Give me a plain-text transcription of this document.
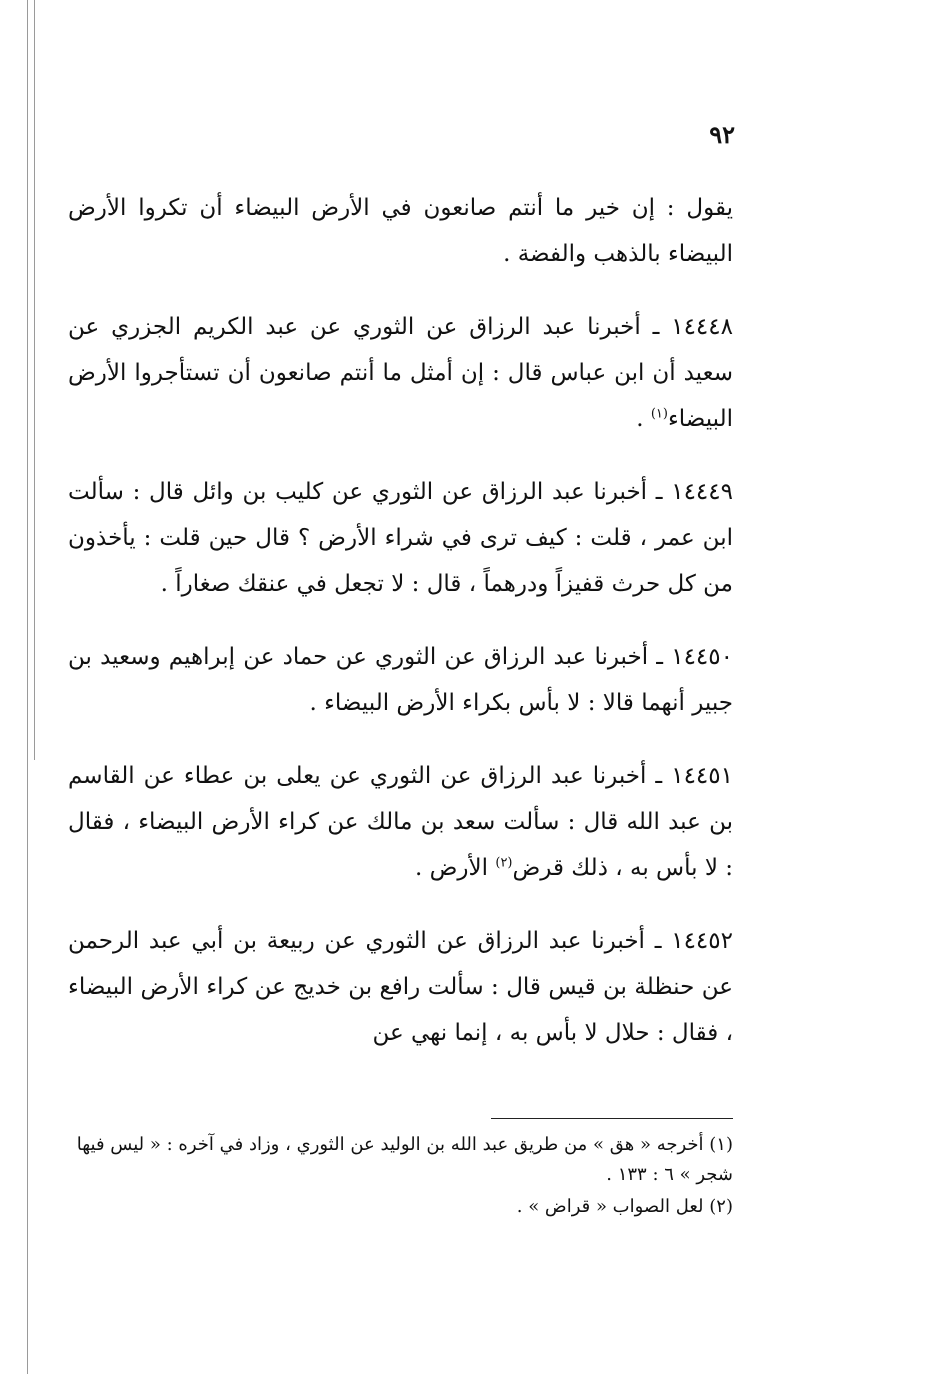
٩٢

يقول : إن خير ما أنتم صانعون في الأرض البيضاء أن تكروا الأرض البيضاء بالذهب والفضة .

١٤٤٤٨ ـ أخبرنا عبد الرزاق عن الثوري عن عبد الكريم الجزري عن سعيد أن ابن عباس قال : إن أمثل ما أنتم صانعون أن تستأجروا الأرض البيضاء$^{(١)}$ .

١٤٤٤٩ ـ أخبرنا عبد الرزاق عن الثوري عن كليب بن وائل قال : سألت ابن عمر ، قلت : كيف ترى في شراء الأرض ؟ قال حين قلت : يأخذون من كل حرث قفيزاً ودرهماً ، قال : لا تجعل في عنقك صغاراً .

١٤٤٥٠ ـ أخبرنا عبد الرزاق عن الثوري عن حماد عن إبراهيم وسعيد بن جبير أنهما قالا : لا بأس بكراء الأرض البيضاء .

١٤٤٥١ ـ أخبرنا عبد الرزاق عن الثوري عن يعلى بن عطاء عن القاسم بن عبد الله قال : سألت سعد بن مالك عن كراء الأرض البيضاء ، فقال : لا بأس به ، ذلك قرض$^{(٢)}$ الأرض .

١٤٤٥٢ ـ أخبرنا عبد الرزاق عن الثوري عن ربيعة بن أبي عبد الرحمن عن حنظلة بن قيس قال : سألت رافع بن خديج عن كراء الأرض البيضاء ، فقال : حلال لا بأس به ، إنما نهي عن

(١) أخرجه « هق » من طريق عبد الله بن الوليد عن الثوري ، وزاد في آخره : « ليس فيها شجر » ٦ : ١٣٣ .

(٢) لعل الصواب « قراض » .
